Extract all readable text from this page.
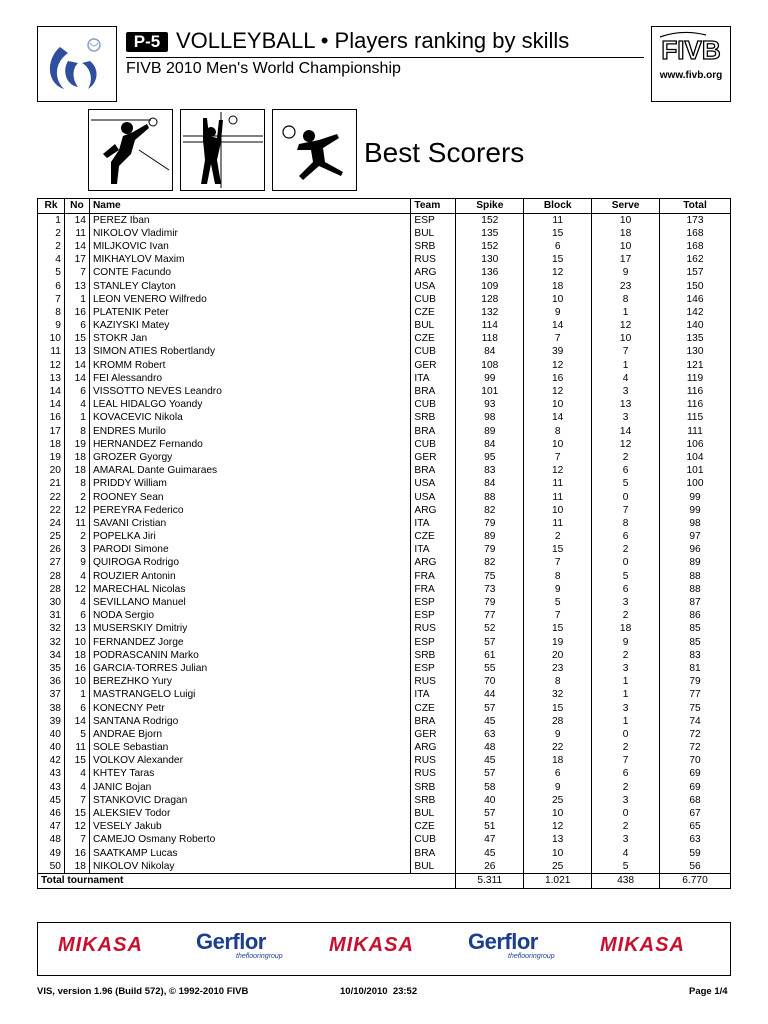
P-5 VOLLEYBALL • Players ranking by skills
FIVB 2010 Men's World Championship
FIVB
www.fivb.org
Best Scorers
Rk	No	Name	Team	Spike	Block	Serve	Total
1	14	PEREZ Iban	ESP	152	11	10	173
2	11	NIKOLOV Vladimir	BUL	135	15	18	168
2	14	MILJKOVIC Ivan	SRB	152	6	10	168
4	17	MIKHAYLOV Maxim	RUS	130	15	17	162
5	7	CONTE Facundo	ARG	136	12	9	157
6	13	STANLEY Clayton	USA	109	18	23	150
7	1	LEON VENERO Wilfredo	CUB	128	10	8	146
8	16	PLATENIK Peter	CZE	132	9	1	142
9	6	KAZIYSKI Matey	BUL	114	14	12	140
10	15	STOKR Jan	CZE	118	7	10	135
11	13	SIMON ATIES Robertlandy	CUB	84	39	7	130
12	14	KROMM Robert	GER	108	12	1	121
13	14	FEI Alessandro	ITA	99	16	4	119
14	6	VISSOTTO NEVES Leandro	BRA	101	12	3	116
14	4	LEAL HIDALGO Yoandy	CUB	93	10	13	116
16	1	KOVACEVIC Nikola	SRB	98	14	3	115
17	8	ENDRES Murilo	BRA	89	8	14	111
18	19	HERNANDEZ Fernando	CUB	84	10	12	106
19	18	GROZER Gyorgy	GER	95	7	2	104
20	18	AMARAL Dante Guimaraes	BRA	83	12	6	101
21	8	PRIDDY William	USA	84	11	5	100
22	2	ROONEY Sean	USA	88	11	0	99
22	12	PEREYRA Federico	ARG	82	10	7	99
24	11	SAVANI Cristian	ITA	79	11	8	98
25	2	POPELKA Jiri	CZE	89	2	6	97
26	3	PARODI Simone	ITA	79	15	2	96
27	9	QUIROGA Rodrigo	ARG	82	7	0	89
28	4	ROUZIER Antonin	FRA	75	8	5	88
28	12	MARECHAL Nicolas	FRA	73	9	6	88
30	4	SEVILLANO Manuel	ESP	79	5	3	87
31	6	NODA Sergio	ESP	77	7	2	86
32	13	MUSERSKIY Dmitriy	RUS	52	15	18	85
32	10	FERNANDEZ Jorge	ESP	57	19	9	85
34	18	PODRASCANIN Marko	SRB	61	20	2	83
35	16	GARCIA-TORRES Julian	ESP	55	23	3	81
36	10	BEREZHKO Yury	RUS	70	8	1	79
37	1	MASTRANGELO Luigi	ITA	44	32	1	77
38	6	KONECNY Petr	CZE	57	15	3	75
39	14	SANTANA Rodrigo	BRA	45	28	1	74
40	5	ANDRAE Bjorn	GER	63	9	0	72
40	11	SOLE Sebastian	ARG	48	22	2	72
42	15	VOLKOV Alexander	RUS	45	18	7	70
43	4	KHTEY Taras	RUS	57	6	6	69
43	4	JANIC Bojan	SRB	58	9	2	69
45	7	STANKOVIC Dragan	SRB	40	25	3	68
46	15	ALEKSIEV Todor	BUL	57	10	0	67
47	12	VESELY Jakub	CZE	51	12	2	65
48	7	CAMEJO Osmany Roberto	CUB	47	13	3	63
49	16	SAATKAMP Lucas	BRA	45	10	4	59
50	18	NIKOLOV Nikolay	BUL	26	25	5	56
Total tournament				5.311	1.021	438	6.770
MIKASA Gerflor
theflooringroup
MIKASA Gerflor
theflooringroup
MIKASA
VIS, version 1.96 (Build 572), © 1992-2010 FIVB	10/10/2010  23:52	Page 1/4
